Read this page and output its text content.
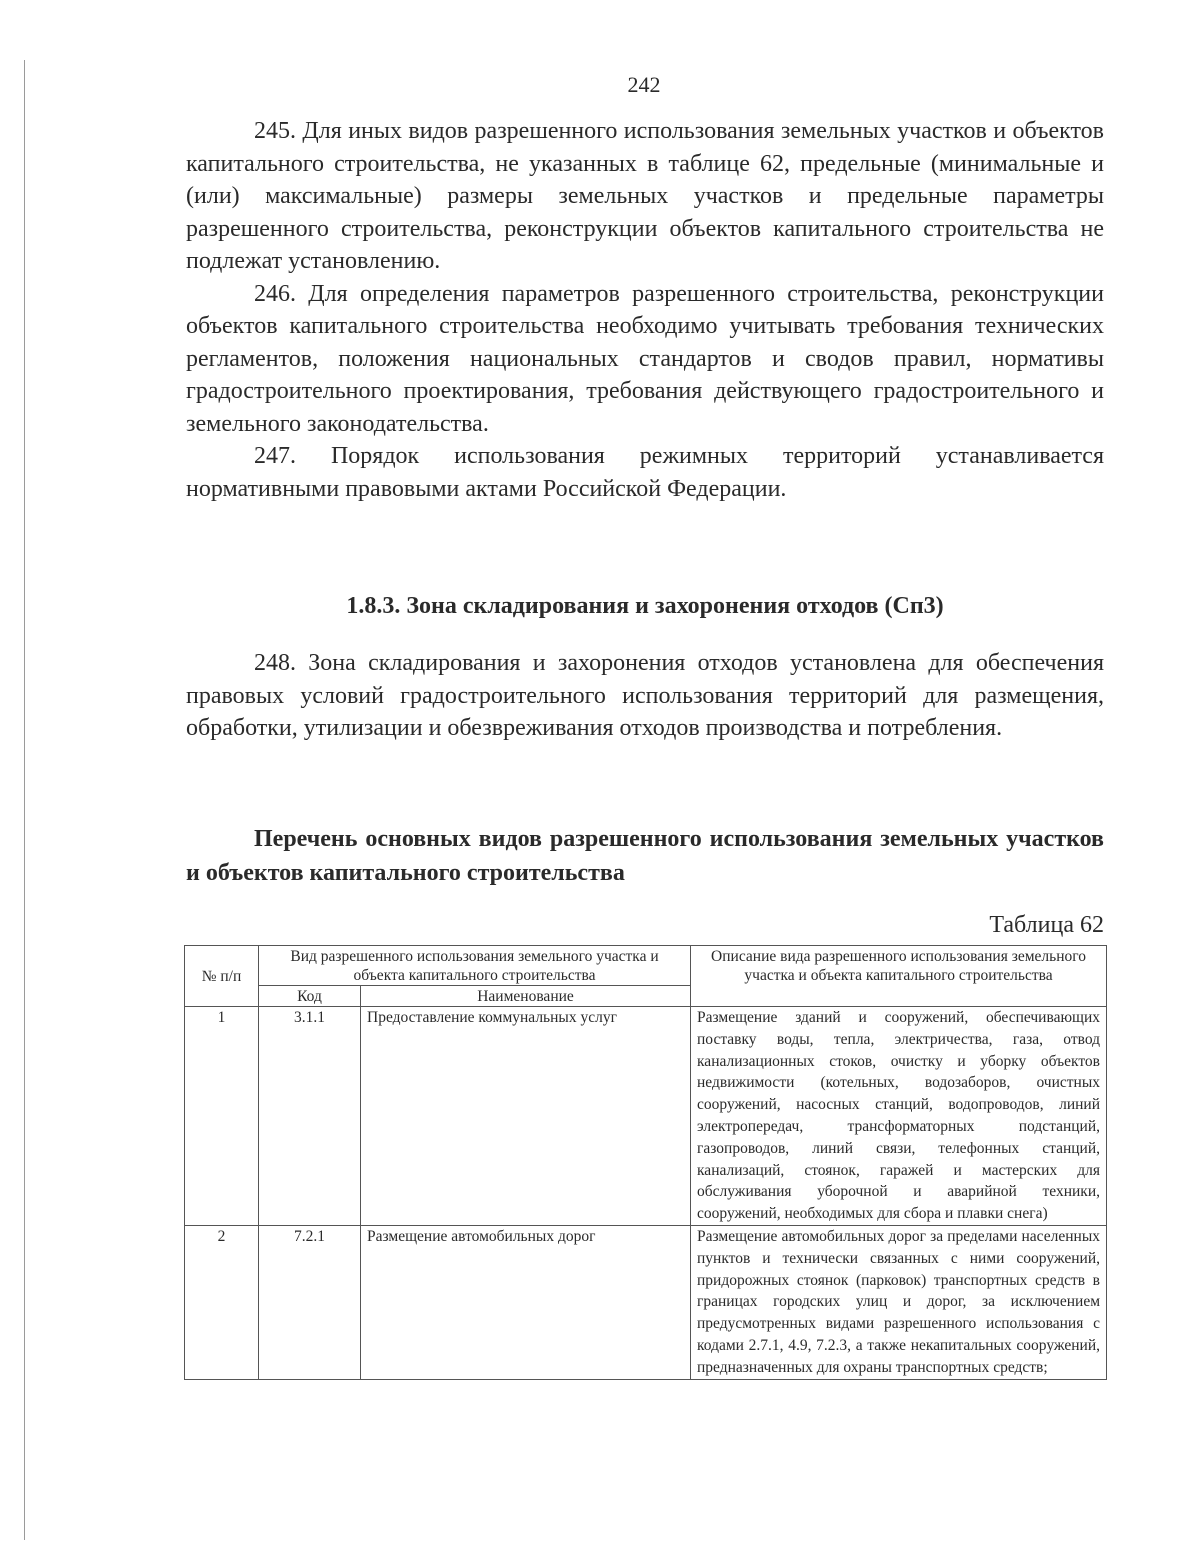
242

245. Для иных видов разрешенного использования земельных участков и объектов капитального строительства, не указанных в таблице 62, предельные (минимальные и (или) максимальные) размеры земельных участков и предельные параметры разрешенного строительства, реконструкции объектов капитального строительства не подлежат установлению.

246. Для определения параметров разрешенного строительства, реконструкции объектов капитального строительства необходимо учитывать требования технических регламентов, положения национальных стандартов и сводов правил, нормативы градостроительного проектирования, требования действующего градостроительного и земельного законодательства.

247. Порядок использования режимных территорий устанавливается нормативными правовыми актами Российской Федерации.

1.8.3. Зона складирования и захоронения отходов (Сп3)

248. Зона складирования и захоронения отходов установлена для обеспечения правовых условий градостроительного использования территорий для размещения, обработки, утилизации и обезвреживания отходов производства и потребления.

Перечень основных видов разрешенного использования земельных участков и объектов капитального строительства

Таблица 62
№ п/п	Вид разрешенного использования земельного участка и объекта капитального строительства		Описание вида разрешенного использования земельного участка и объекта капитального строительства
	Код	Наименование	
1	3.1.1	Предоставление коммунальных услуг	Размещение зданий и сооружений, обеспечивающих поставку воды, тепла, электричества, газа, отвод канализационных стоков, очистку и уборку объектов недвижимости (котельных, водозаборов, очистных сооружений, насосных станций, водопроводов, линий электропередач, трансформаторных подстанций, газопроводов, линий связи, телефонных станций, канализаций, стоянок, гаражей и мастерских для обслуживания уборочной и аварийной техники, сооружений, необходимых для сбора и плавки снега)
2	7.2.1	Размещение автомобильных дорог	Размещение автомобильных дорог за пределами населенных пунктов и технически связанных с ними сооружений, придорожных стоянок (парковок) транспортных средств в границах городских улиц и дорог, за исключением предусмотренных видами разрешенного использования с кодами 2.7.1, 4.9, 7.2.3, а также некапитальных сооружений, предназначенных для охраны транспортных средств;
